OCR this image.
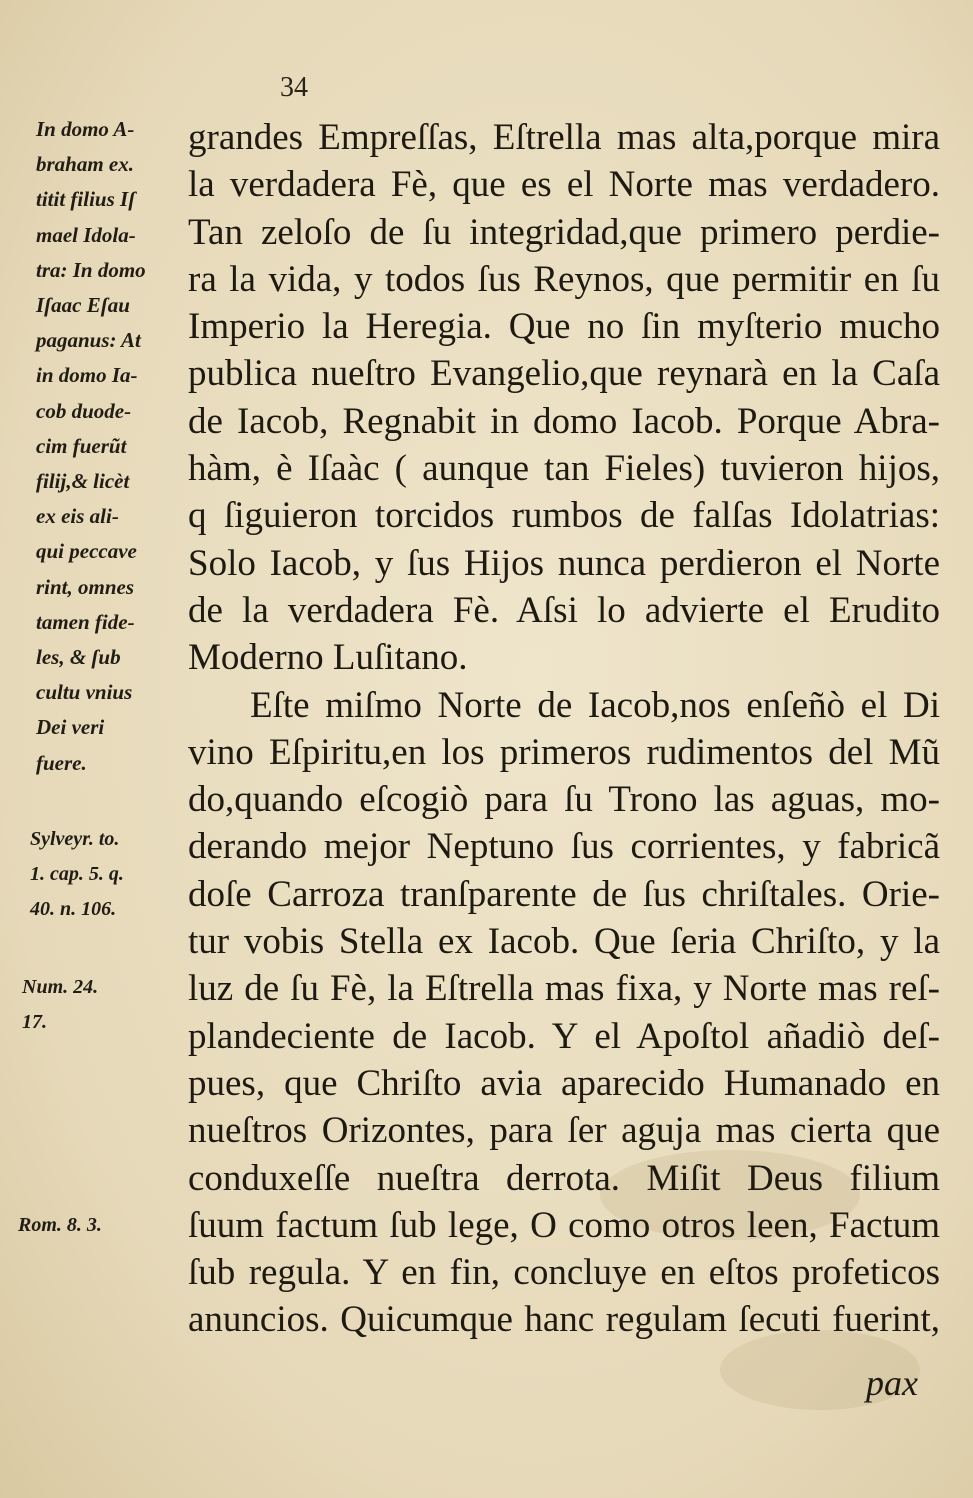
34
In domo A-
braham ex.
titit filius Iſ
mael Idola-
tra: In domo
Iſaac Eſau
paganus: At
in domo Ia-
cob duode-
cim fuerũt
filij,& licèt
ex eis ali-
qui peccave
rint, omnes
tamen fide-
les, & ſub
cultu vnius
Dei veri
fuere.
Sylveyr. to.
1. cap. 5. q.
40. n. 106.
Num. 24.
17.
Rom. 8. 3.
grandes Empreſſas, Eſtrella mas alta,porque mira
la verdadera Fè, que es el Norte mas verdadero.
Tan zeloſo de ſu integridad,que primero perdie-
ra la vida, y todos ſus Reynos, que permitir en ſu
Imperio la Heregia. Que no ſin myſterio mucho
publica nueſtro Evangelio,que reynarà en la Caſa
de Iacob, Regnabit in domo Iacob. Porque Abra-
hàm, è Iſaàc ( aunque tan Fieles) tuvieron hijos,
q ſiguieron torcidos rumbos de falſas Idolatrias:
Solo Iacob, y ſus Hijos nunca perdieron el Norte
de la verdadera Fè. Aſsi lo advierte el Erudito
Moderno Luſitano.
Eſte miſmo Norte de Iacob,nos enſeñò el Di
vino Eſpiritu,en los primeros rudimentos del Mũ
do,quando eſcogiò para ſu Trono las aguas, mo-
derando mejor Neptuno ſus corrientes, y fabricã
doſe Carroza tranſparente de ſus chriſtales. Orie-
tur vobis Stella ex Iacob. Que ſeria Chriſto, y la
luz de ſu Fè, la Eſtrella mas fixa, y Norte mas reſ-
plandeciente de Iacob. Y el Apoſtol añadiò deſ-
pues, que Chriſto avia aparecido Humanado en
nueſtros Orizontes, para ſer aguja mas cierta que
conduxeſſe nueſtra derrota. Miſit Deus filium
ſuum factum ſub lege, O como otros leen, Factum
ſub regula. Y en fin, concluye en eſtos profeticos
anuncios. Quicumque hanc regulam ſecuti fuerint,
pax
